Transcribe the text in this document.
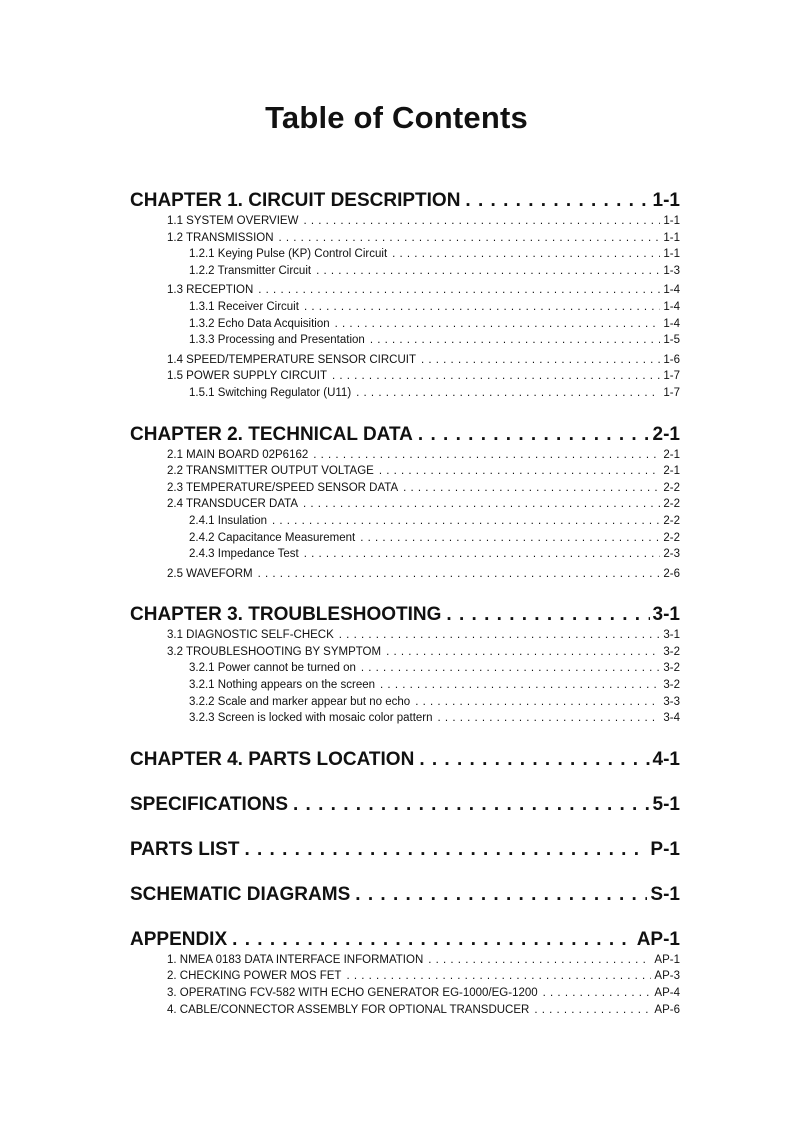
Table of Contents
CHAPTER 1. CIRCUIT DESCRIPTION . . .	1-1
1.1 SYSTEM OVERVIEW . . .	1-1
1.2 TRANSMISSION . . .	1-1
1.2.1 Keying Pulse (KP) Control Circuit . . .	1-1
1.2.2 Transmitter Circuit . . .	1-3
1.3 RECEPTION . . .	1-4
1.3.1 Receiver Circuit . . .	1-4
1.3.2 Echo Data Acquisition . . .	1-4
1.3.3 Processing and Presentation . . .	1-5
1.4 SPEED/TEMPERATURE SENSOR CIRCUIT . . .	1-6
1.5 POWER SUPPLY CIRCUIT . . .	1-7
1.5.1 Switching Regulator (U11) . . .	1-7
CHAPTER 2. TECHNICAL DATA . . .	2-1
2.1 MAIN BOARD 02P6162 . . .	2-1
2.2 TRANSMITTER OUTPUT VOLTAGE . . .	2-1
2.3 TEMPERATURE/SPEED SENSOR DATA . . .	2-2
2.4 TRANSDUCER DATA . . .	2-2
2.4.1 Insulation . . .	2-2
2.4.2 Capacitance Measurement . . .	2-2
2.4.3 Impedance Test . . .	2-3
2.5 WAVEFORM . . .	2-6
CHAPTER 3. TROUBLESHOOTING . . .	3-1
3.1 DIAGNOSTIC SELF-CHECK . . .	3-1
3.2 TROUBLESHOOTING BY SYMPTOM . . .	3-2
3.2.1 Power cannot be turned on . . .	3-2
3.2.1 Nothing appears on the screen . . .	3-2
3.2.2 Scale and marker appear but no echo . . .	3-3
3.2.3 Screen is locked with mosaic color pattern . . .	3-4
CHAPTER 4. PARTS LOCATION . . .	4-1
SPECIFICATIONS . . .	5-1
PARTS LIST . . .	P-1
SCHEMATIC DIAGRAMS . . .	S-1
APPENDIX . . .	AP-1
1. NMEA 0183 DATA INTERFACE INFORMATION . . .	AP-1
2. CHECKING POWER MOS FET . . .	AP-3
3. OPERATING FCV-582 WITH ECHO GENERATOR EG-1000/EG-1200 . . .	AP-4
4. CABLE/CONNECTOR ASSEMBLY FOR OPTIONAL TRANSDUCER . . .	AP-6
